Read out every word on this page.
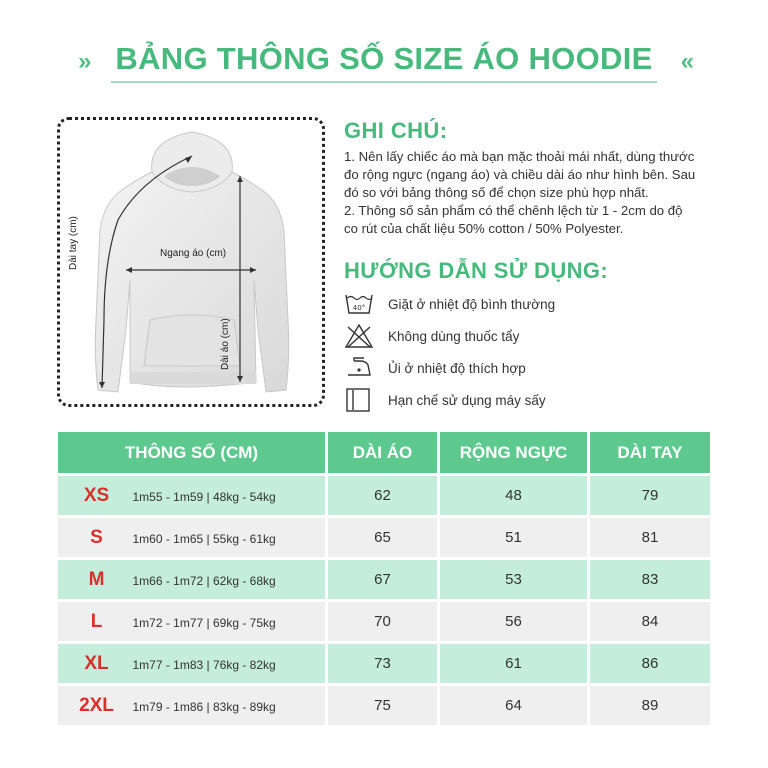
» BẢNG THÔNG SỐ SIZE ÁO HOODIE «
Ngang áo (cm)
Dài tay (cm)
Dài áo (cm)
GHI CHÚ:
1. Nên lấy chiếc áo mà bạn mặc thoải mái nhất, dùng thước
đo rộng ngực (ngang áo) và chiều dài áo như hình bên. Sau
đó so với bảng thông số để chọn size phù hợp nhất.
2. Thông số sản phẩm có thể chênh lệch từ 1 - 2cm do độ
co rút của chất liệu 50% cotton / 50% Polyester.
HƯỚNG DẪN SỬ DỤNG:
40° Giặt ở nhiệt độ bình thường
Không dùng thuốc tẩy
Ủi ở nhiệt độ thích hợp
Hạn chế sử dụng máy sấy
THÔNG SỐ (CM)	DÀI ÁO	RỘNG NGỰC	DÀI TAY
XS 1m55 - 1m59 | 48kg - 54kg	62	48	79
S 1m60 - 1m65 | 55kg - 61kg	65	51	81
M 1m66 - 1m72 | 62kg - 68kg	67	53	83
L 1m72 - 1m77 | 69kg - 75kg	70	56	84
XL 1m77 - 1m83 | 76kg - 82kg	73	61	86
2XL 1m79 - 1m86 | 83kg - 89kg	75	64	89
